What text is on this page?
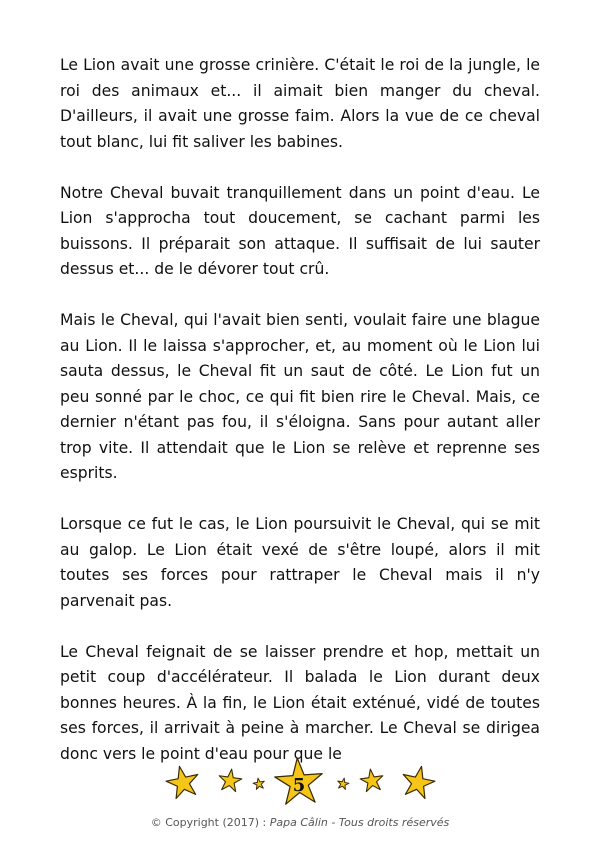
Le Lion avait une grosse crinière. C'était le roi de la jungle, le roi des animaux et... il aimait bien manger du cheval. D'ailleurs, il avait une grosse faim. Alors la vue de ce cheval tout blanc, lui fit saliver les babines.

Notre Cheval buvait tranquillement dans un point d'eau. Le Lion s'approcha tout doucement, se cachant parmi les buissons. Il préparait son attaque. Il suffisait de lui sauter dessus et... de le dévorer tout crû.

Mais le Cheval, qui l'avait bien senti, voulait faire une blague au Lion. Il le laissa s'approcher, et, au moment où le Lion lui sauta dessus, le Cheval fit un saut de côté. Le Lion fut un peu sonné par le choc, ce qui fit bien rire le Cheval. Mais, ce dernier n'étant pas fou, il s'éloigna. Sans pour autant aller trop vite. Il attendait que le Lion se relève et reprenne ses esprits.

Lorsque ce fut le cas, le Lion poursuivit le Cheval, qui se mit au galop. Le Lion était vexé de s'être loupé, alors il mit toutes ses forces pour rattraper le Cheval mais il n'y parvenait pas.

Le Cheval feignait de se laisser prendre et hop, mettait un petit coup d'accélérateur. Il balada le Lion durant deux bonnes heures. À la fin, le Lion était exténué, vidé de toutes ses forces, il arrivait à peine à marcher. Le Cheval se dirigea donc vers le point d'eau pour que le

5
© Copyright (2017) : Papa Câlin - Tous droits réservés
